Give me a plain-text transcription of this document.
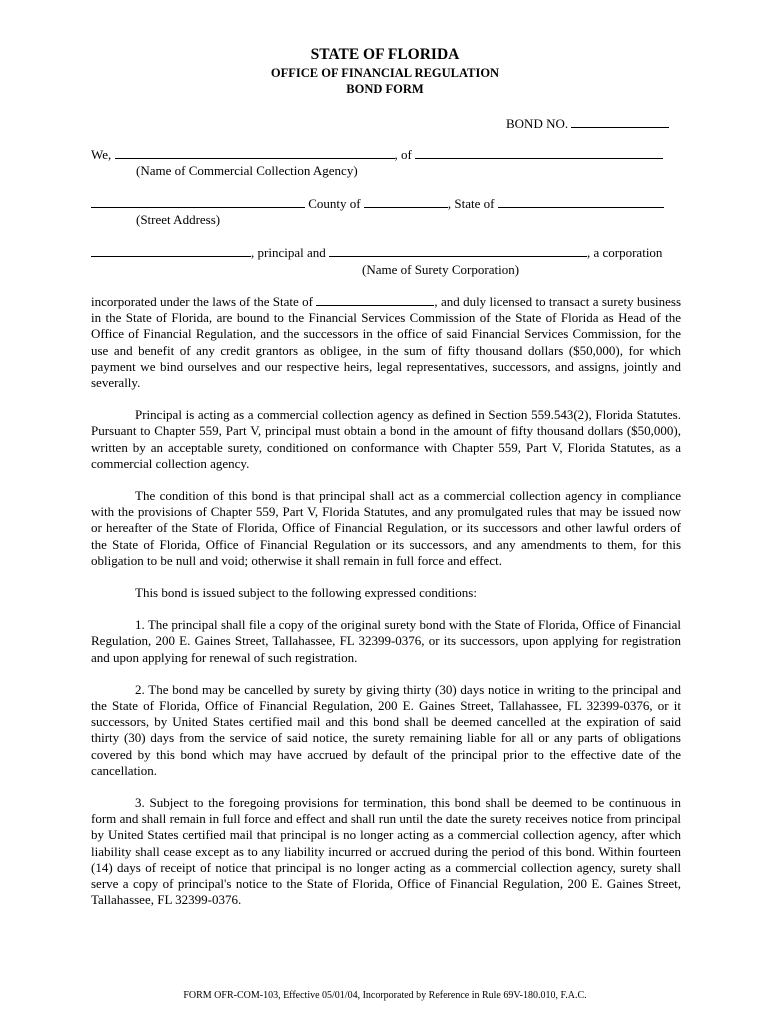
STATE OF FLORIDA
OFFICE OF FINANCIAL REGULATION
BOND FORM
BOND NO.
We,	, of
(Name of Commercial Collection Agency)
County of	, State of
(Street Address)
, principal and	, a corporation
(Name of Surety Corporation)

incorporated under the laws of the State of	, and duly licensed to transact a surety business in the State of Florida, are bound to the Financial Services Commission of the State of Florida as Head of the Office of Financial Regulation, and the successors in the office of said Financial Services Commission, for the use and benefit of any credit grantors as obligee, in the sum of fifty thousand dollars ($50,000), for which payment we bind ourselves and our respective heirs, legal representatives, successors, and assigns, jointly and severally.

Principal is acting as a commercial collection agency as defined in Section 559.543(2), Florida Statutes. Pursuant to Chapter 559, Part V, principal must obtain a bond in the amount of fifty thousand dollars ($50,000), written by an acceptable surety, conditioned on conformance with Chapter 559, Part V, Florida Statutes, as a commercial collection agency.

The condition of this bond is that principal shall act as a commercial collection agency in compliance with the provisions of Chapter 559, Part V, Florida Statutes, and any promulgated rules that may be issued now or hereafter of the State of Florida, Office of Financial Regulation, or its successors and other lawful orders of the State of Florida, Office of Financial Regulation or its successors, and any amendments to them, for this obligation to be null and void; otherwise it shall remain in full force and effect.

This bond is issued subject to the following expressed conditions:

1. The principal shall file a copy of the original surety bond with the State of Florida, Office of Financial Regulation, 200 E. Gaines Street, Tallahassee, FL 32399-0376, or its successors, upon applying for registration and upon applying for renewal of such registration.

2. The bond may be cancelled by surety by giving thirty (30) days notice in writing to the principal and the State of Florida, Office of Financial Regulation, 200 E. Gaines Street, Tallahassee, FL 32399-0376, or it successors, by United States certified mail and this bond shall be deemed cancelled at the expiration of said thirty (30) days from the service of said notice, the surety remaining liable for all or any parts of obligations covered by this bond which may have accrued by default of the principal prior to the effective date of the cancellation.

3. Subject to the foregoing provisions for termination, this bond shall be deemed to be continuous in form and shall remain in full force and effect and shall run until the date the surety receives notice from principal by United States certified mail that principal is no longer acting as a commercial collection agency, after which liability shall cease except as to any liability incurred or accrued during the period of this bond. Within fourteen (14) days of receipt of notice that principal is no longer acting as a commercial collection agency, surety shall serve a copy of principal's notice to the State of Florida, Office of Financial Regulation, 200 E. Gaines Street, Tallahassee, FL 32399-0376.

FORM OFR-COM-103, Effective 05/01/04, Incorporated by Reference in Rule 69V-180.010, F.A.C.
